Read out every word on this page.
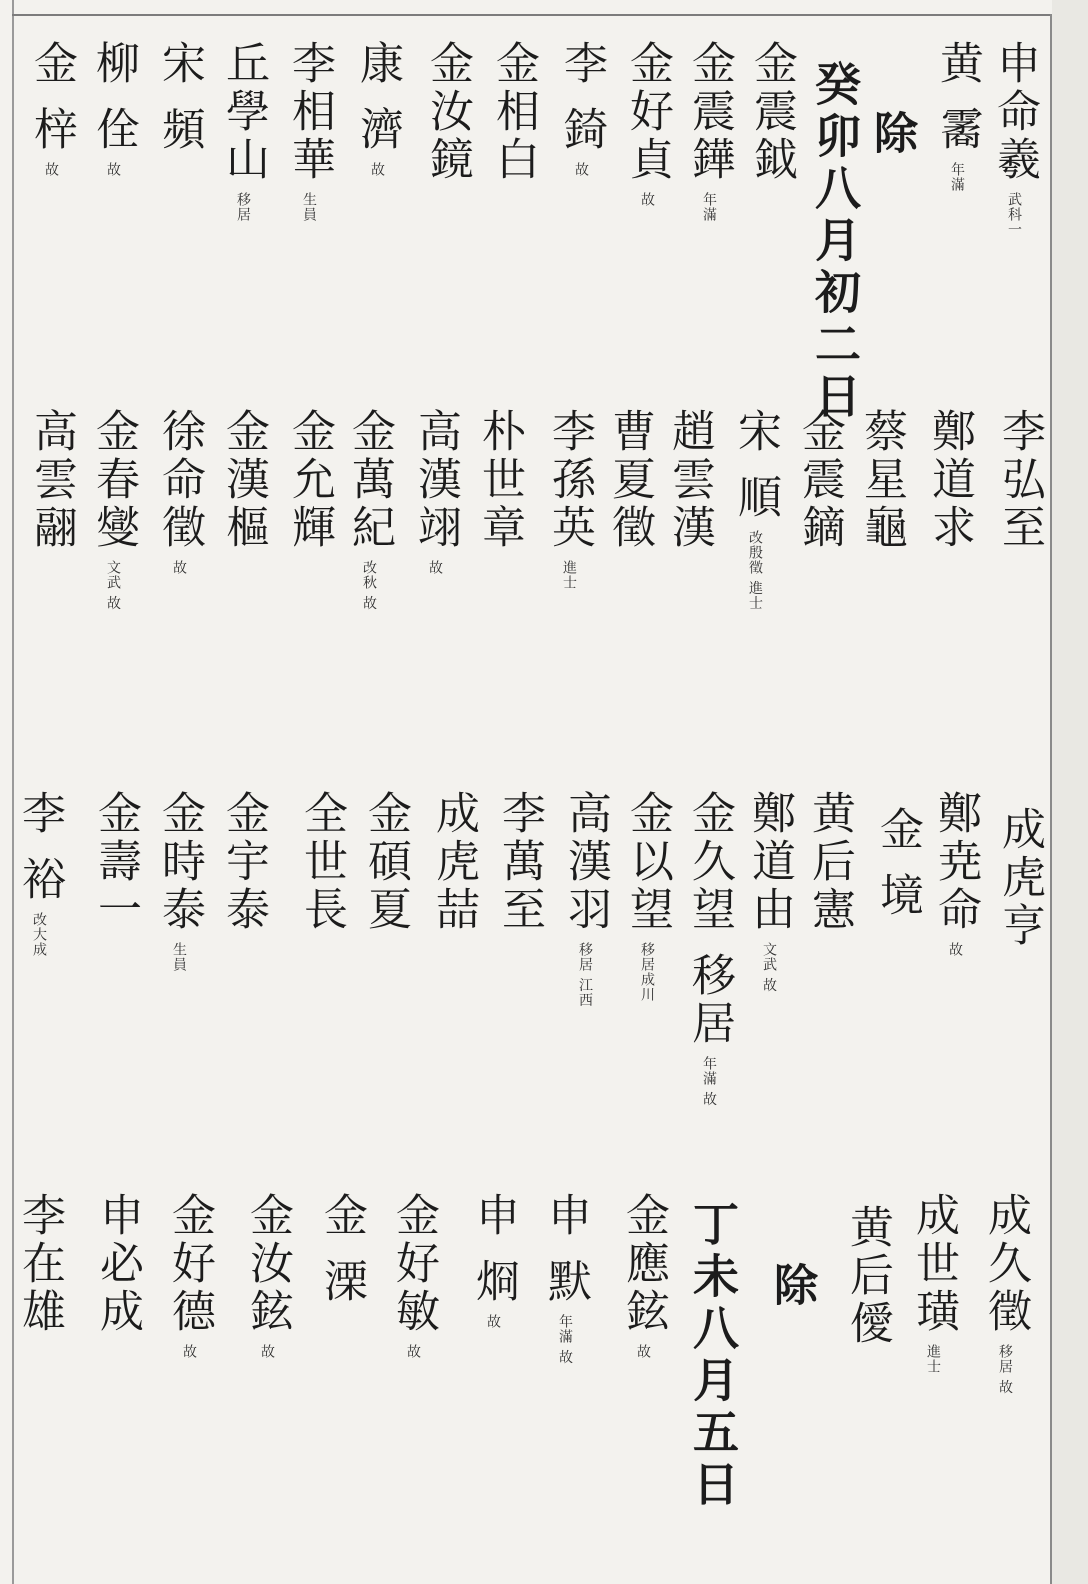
申命羲
武科一
黄 霱
年滿
除
癸卯八月初二日
金震鉞
金震鏵
年滿
金好貞
故
李 錡
故
金相白
金汝鏡
康 濟
故
李相華
生員
丘學山
移居
宋 頻
柳 佺
故
金 梓
故
李弘至
鄭道求
蔡星龜
金震鏑
宋 順
改殷徵 進士
趙雲漢
曹夏徵
李孫英
進士
朴世章
高漢翊
故
金萬紀
改秋 故
金允輝
金漢樞
徐命徵
故
金春燮
文武 故
高雲翮
成虎亨
鄭尭命
故
金 境
黄后憲
鄭道由
文武 故
金久望 移居
年滿 故
金以望
移居成川
高漢羽
移居 江西
李萬至
成虎喆
金碩夏
全世長
金宇泰
金時泰
生員
金壽一
李 裕
改大成
成久徵
移居 故
成世璜
進士
黄后僾
除
丁未八月五日
金應鉉
故
申 默
年滿 故
申 烱
故
金好敏
故
金 溧
金汝鉉
故
金好德
故
申必成
李在雄
